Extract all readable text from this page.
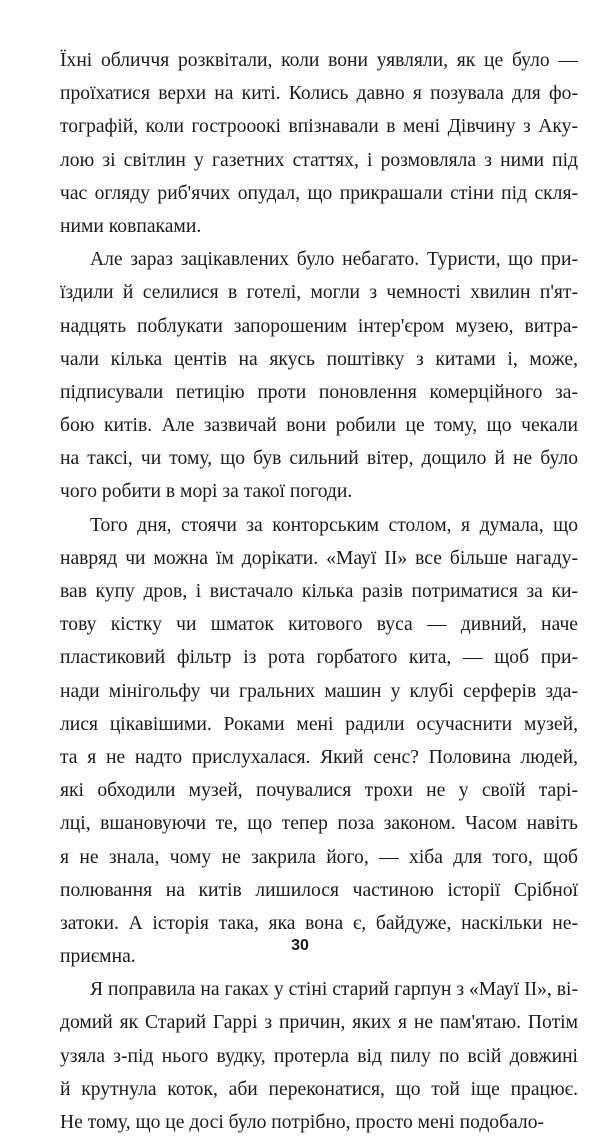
Їхні обличчя розквітали, коли вони уявляли, як це було —
проїхатися верхи на киті. Колись давно я позувала для фо-
тографій, коли гострооокі впізнавали в мені Дівчину з Аку-
лою зі світлин у газетних статтях, і розмовляла з ними під
час огляду риб'ячих опудал, що прикрашали стіни під скля-
ними ковпаками.
Але зараз зацікавлених було небагато. Туристи, що при-
їздили й селилися в готелі, могли з чемності хвилин п'ят-
надцять поблукати запорошеним інтер'єром музею, витра-
чали кілька центів на якусь поштівку з китами і, може,
підписували петицію проти поновлення комерційного за-
бою китів. Але зазвичай вони робили це тому, що чекали
на таксі, чи тому, що був сильний вітер, дощило й не було
чого робити в морі за такої погоди.
Того дня, стоячи за конторським столом, я думала, що
навряд чи можна їм дорікати. «Мауї ІІ» все більше нагаду-
вав купу дров, і вистачало кілька разів потриматися за ки-
тову кістку чи шматок китового вуса — дивний, наче
пластиковий фільтр із рота горбатого кита, — щоб при-
нади мінігольфу чи гральних машин у клубі серферів здa-
лися цікавішими. Роками мені радили осучаснити музей,
та я не надто прислухалася. Який сенс? Половина людей,
які обходили музей, почувалися трохи не у своїй тарі-
лці, вшановуючи те, що тепер поза законом. Часом навіть
я не знала, чому не закрила його, — хіба для того, щоб
полювання на китів лишилося частиною історії Срібної
затоки. А історія така, яка вона є, байдуже, наскільки не-
приємна.
Я поправила на гаках у стіні старий гарпун з «Мауї ІІ», ві-
домий як Старий Гаррі з причин, яких я не пам'ятаю. Потім
узяла з-під нього вудку, протерла від пилу по всій довжині
й крутнула коток, аби переконатися, що той іще працює.
Не тому, що це досі було потрібно, просто мені подобало-
30
